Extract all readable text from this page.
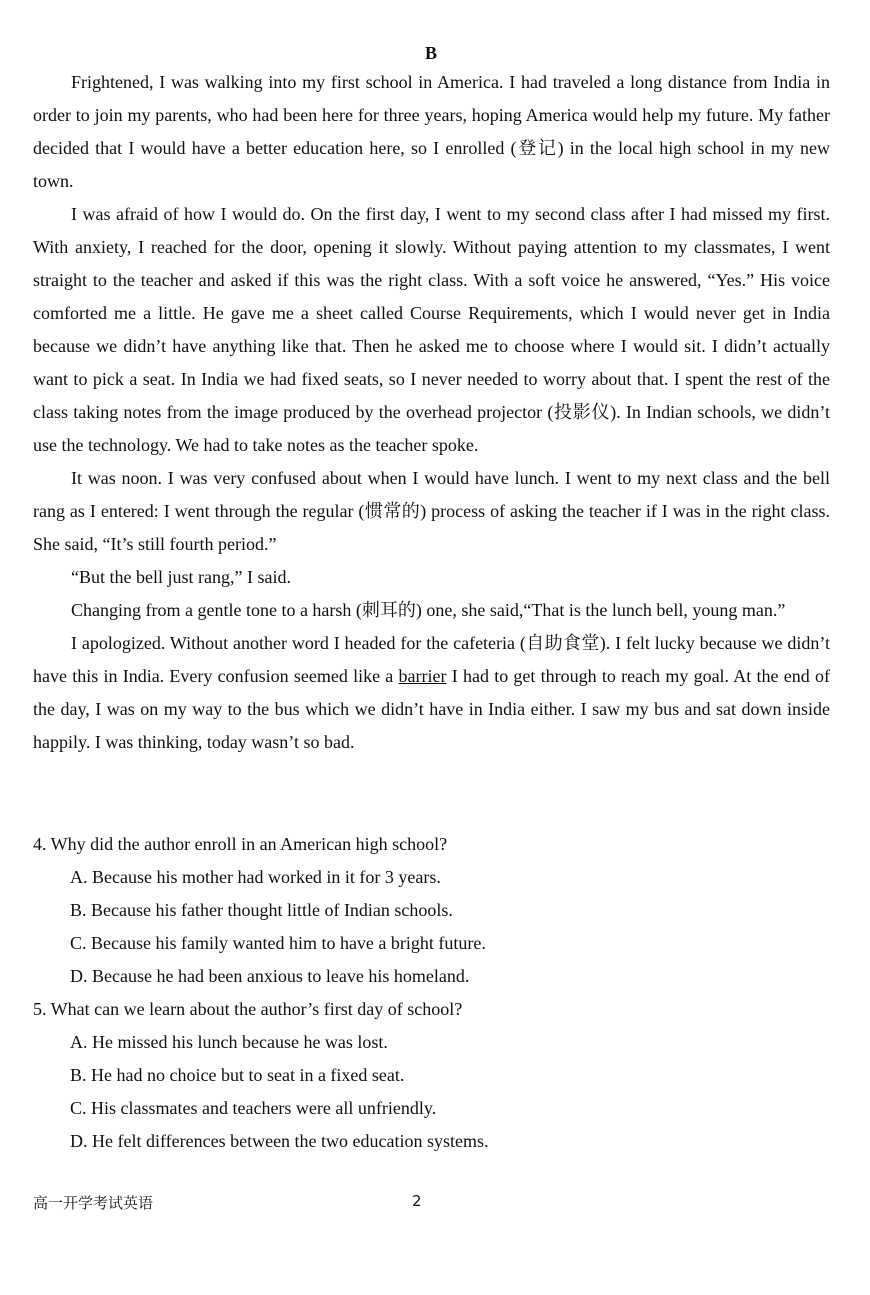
B

Frightened, I was walking into my first school in America. I had traveled a long distance from India in order to join my parents, who had been here for three years, hoping America would help my future. My father decided that I would have a better education here, so I enrolled (登记) in the local high school in my new town.

I was afraid of how I would do. On the first day, I went to my second class after I had missed my first. With anxiety, I reached for the door, opening it slowly. Without paying attention to my classmates, I went straight to the teacher and asked if this was the right class. With a soft voice he answered, “Yes.” His voice comforted me a little. He gave me a sheet called Course Requirements, which I would never get in India because we didn’t have anything like that. Then he asked me to choose where I would sit. I didn’t actually want to pick a seat. In India we had fixed seats, so I never needed to worry about that. I spent the rest of the class taking notes from the image produced by the overhead projector (投影仪). In Indian schools, we didn’t use the technology. We had to take notes as the teacher spoke.

It was noon. I was very confused about when I would have lunch. I went to my next class and the bell rang as I entered: I went through the regular (惯常的) process of asking the teacher if I was in the right class. She said, “It’s still fourth period.”

“But the bell just rang,” I said.

Changing from a gentle tone to a harsh (刺耳的) one, she said,“That is the lunch bell, young man.”

I apologized. Without another word I headed for the cafeteria (自助食堂). I felt lucky because we didn’t have this in India. Every confusion seemed like a barrier I had to get through to reach my goal. At the end of the day, I was on my way to the bus which we didn’t have in India either. I saw my bus and sat down inside happily. I was thinking, today wasn’t so bad.

4. Why did the author enroll in an American high school?

A. Because his mother had worked in it for 3 years.

B. Because his father thought little of Indian schools.

C. Because his family wanted him to have a bright future.

D. Because he had been anxious to leave his homeland.

5. What can we learn about the author’s first day of school?

A. He missed his lunch because he was lost.

B. He had no choice but to seat in a fixed seat.

C. His classmates and teachers were all unfriendly.

D. He felt differences between the two education systems.

高一开学考试英语	2
